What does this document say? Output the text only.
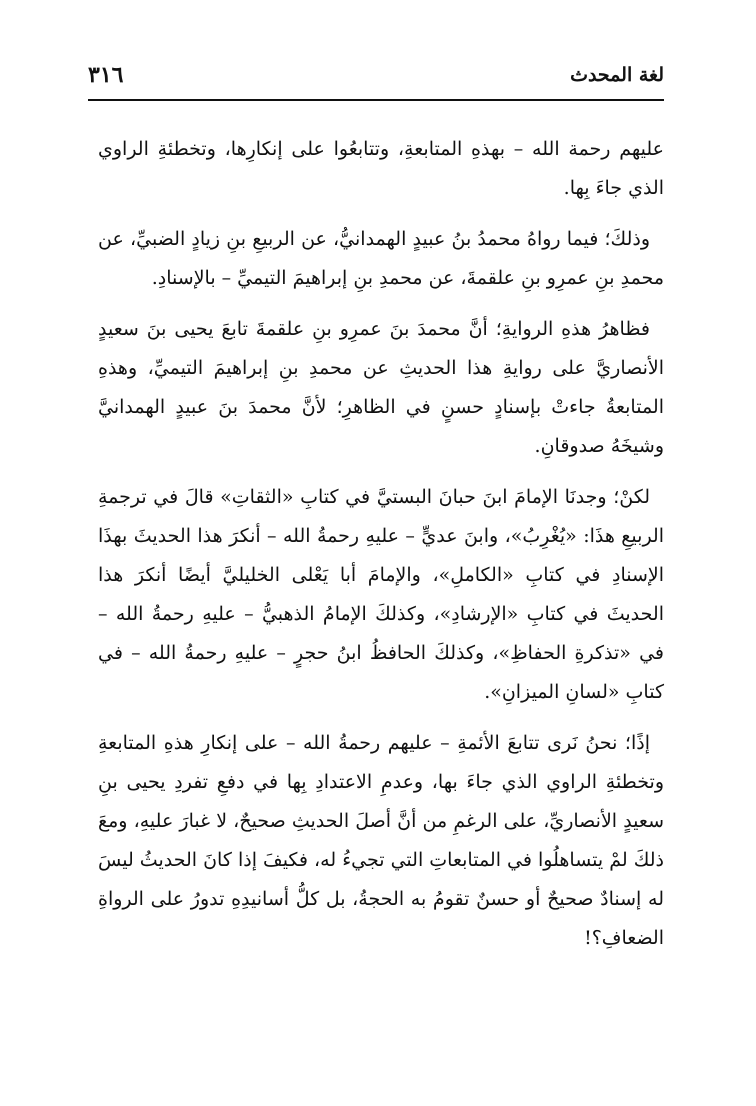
لغة المحدث
٣١٦

عليهم رحمة الله – بهذهِ المتابعةِ، وتتابعُوا على إنكارِها، وتخطئةِ الراوي الذي جاءَ بِها.

وذلكَ؛ فيما رواهُ محمدُ بنُ عبيدٍ الهمدانيُّ، عن الربيعِ بنِ زيادٍ الضبيِّ، عن محمدِ بنِ عمرِو بنِ علقمةَ، عن محمدِ بنِ إبراهيمَ التيميِّ – بالإسنادِ.

فظاهرُ هذهِ الروايةِ؛ أنَّ محمدَ بنَ عمرِو بنِ علقمةَ تابعَ يحيى بنَ سعيدٍ الأنصاريَّ على روايةِ هذا الحديثِ عن محمدِ بنِ إبراهيمَ التيميِّ، وهذهِ المتابعةُ جاءتْ بإسنادٍ حسنٍ في الظاهرِ؛ لأنَّ محمدَ بنَ عبيدٍ الهمدانيَّ وشيخَهُ صدوقانِ.

لكنْ؛ وجدنَا الإمامَ ابنَ حبانَ البستيَّ في كتابِ «الثقاتِ» قالَ في ترجمةِ الربيعِ هذَا: «يُغْرِبُ»، وابنَ عديٍّ – عليهِ رحمةُ الله – أنكرَ هذا الحديثَ بهذَا الإسنادِ في كتابِ «الكاملِ»، والإمامَ أبا يَعْلى الخليليَّ أيضًا أنكرَ هذا الحديثَ في كتابِ «الإرشادِ»، وكذلكَ الإمامُ الذهبيُّ – عليهِ رحمةُ الله – في «تذكرةِ الحفاظِ»، وكذلكَ الحافظُ ابنُ حجرٍ – عليهِ رحمةُ الله – في كتابِ «لسانِ الميزانِ».

إذًا؛ نحنُ نَرى تتابعَ الأئمةِ – عليهم رحمةُ الله – على إنكارِ هذهِ المتابعةِ وتخطئةِ الراوي الذي جاءَ بها، وعدمِ الاعتدادِ بِها في دفعِ تفردِ يحيى بنِ سعيدٍ الأنصاريِّ، على الرغمِ من أنَّ أصلَ الحديثِ صحيحٌ، لا غبارَ عليهِ، ومعَ ذلكَ لمْ يتساهلُوا في المتابعاتِ التي تجيءُ له، فكيفَ إذا كانَ الحديثُ ليسَ له إسنادٌ صحيحٌ أو حسنٌ تقومُ به الحجةُ، بل كلُّ أسانيدِهِ تدورُ على الرواةِ الضعافِ؟!
